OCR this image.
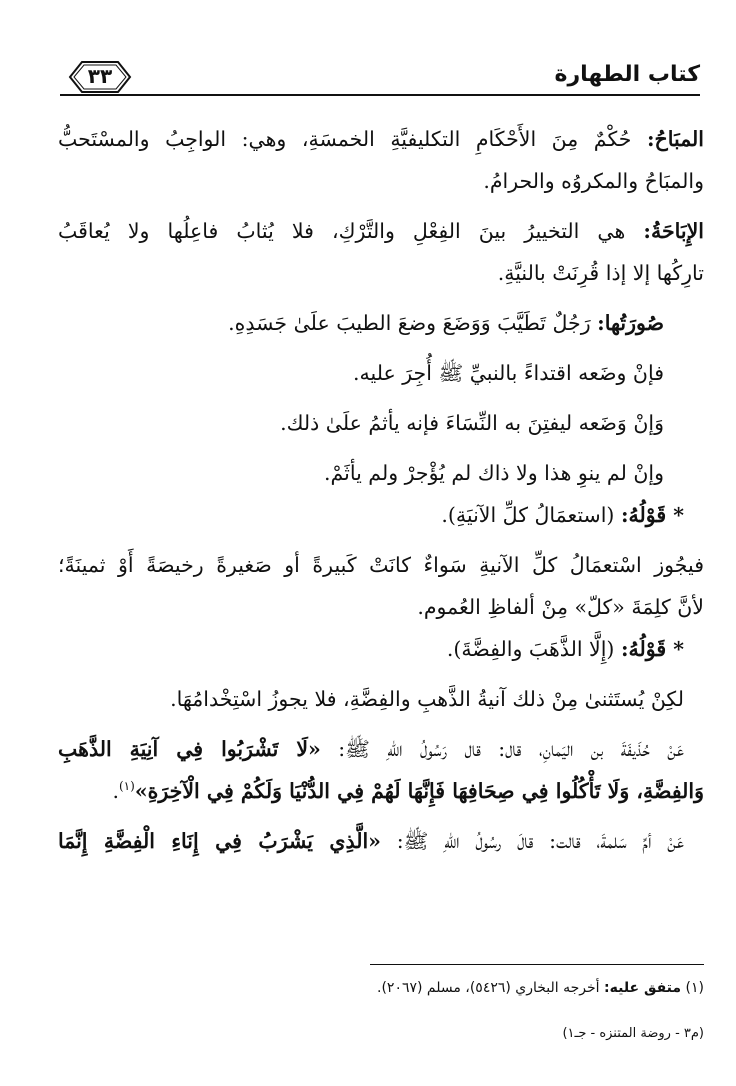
كتاب الطهارة
٣٣
المبَاحُ: حُكْمٌ مِنَ الأَحْكَامِ التكليفيَّةِ الخمسَةِ، وهي: الواجِبُ والمسْتَحبُّ
والمبَاحُ والمكروُه والحرامُ.
الإِبَاحَةُ: هي التخييرُ بينَ الفِعْلِ والتَّرْكِ، فلا يُثابُ فاعِلُها ولا يُعاقَبُ
تارِكُها إلا إذا قُرِنَتْ بالنيَّةِ.
صُورَتُها: رَجُلٌ تَطَيَّبَ وَوَضَعَ وضعَ الطيبَ علَىٰ جَسَدِهِ.
فإنْ وضَعه اقتداءً بالنبيِّ ﷺ أُجِرَ عليه.
وَإنْ وَضَعه ليفتِنَ به النِّسَاءَ فإنه يأثمُ علَىٰ ذلك.
وإنْ لم ينوِ هذا ولا ذاك لم يُؤْجرْ ولم يأثَمْ.
* قَوْلُهُ: (استعمَالُ كلِّ الآنيَةِ).
فيجُوز اسْتعمَالُ كلِّ الآنيةِ سَواءٌ كانَتْ كَبيرةً أو صَغيرةً رخيصَةً أَوْ ثمينَةً؛
لأنَّ كلِمَةَ «كلّ» مِنْ ألفاظِ العُموم.
* قَوْلُهُ: (إِلَّا الذَّهَبَ والفِضَّةَ).
لكِنْ يُستَثنىٰ مِنْ ذلك آنيةُ الذَّهبِ والفِضَّةِ، فلا يجوزُ اسْتِخْدامُهَا.
عَنْ حُذَيفَةَ بن اليَمانِ، قال: قال رَسُولُ اللهِ ﷺ: «لَا تَشْرَبُوا فِي آنِيَةِ الذَّهَبِ
وَالفِضَّةِ، وَلَا تَأْكُلُوا فِي صِحَافِهَا فَإِنَّهَا لَهُمْ فِي الدُّنْيَا وَلَكُمْ فِي الْآخِرَةِ»$^{(١)}$.
عَنْ أمِّ سَلمةَ، قالت: قالَ رسُولُ اللهِ ﷺ: «الَّذِي يَشْرَبُ فِي إِنَاءِ الْفِضَّةِ إِنَّمَا
(١) متفق عليه: أخرجه البخاري (٥٤٢٦)، مسلم (٢٠٦٧).
(م٣ - روضة المتنزه - جـ١)
